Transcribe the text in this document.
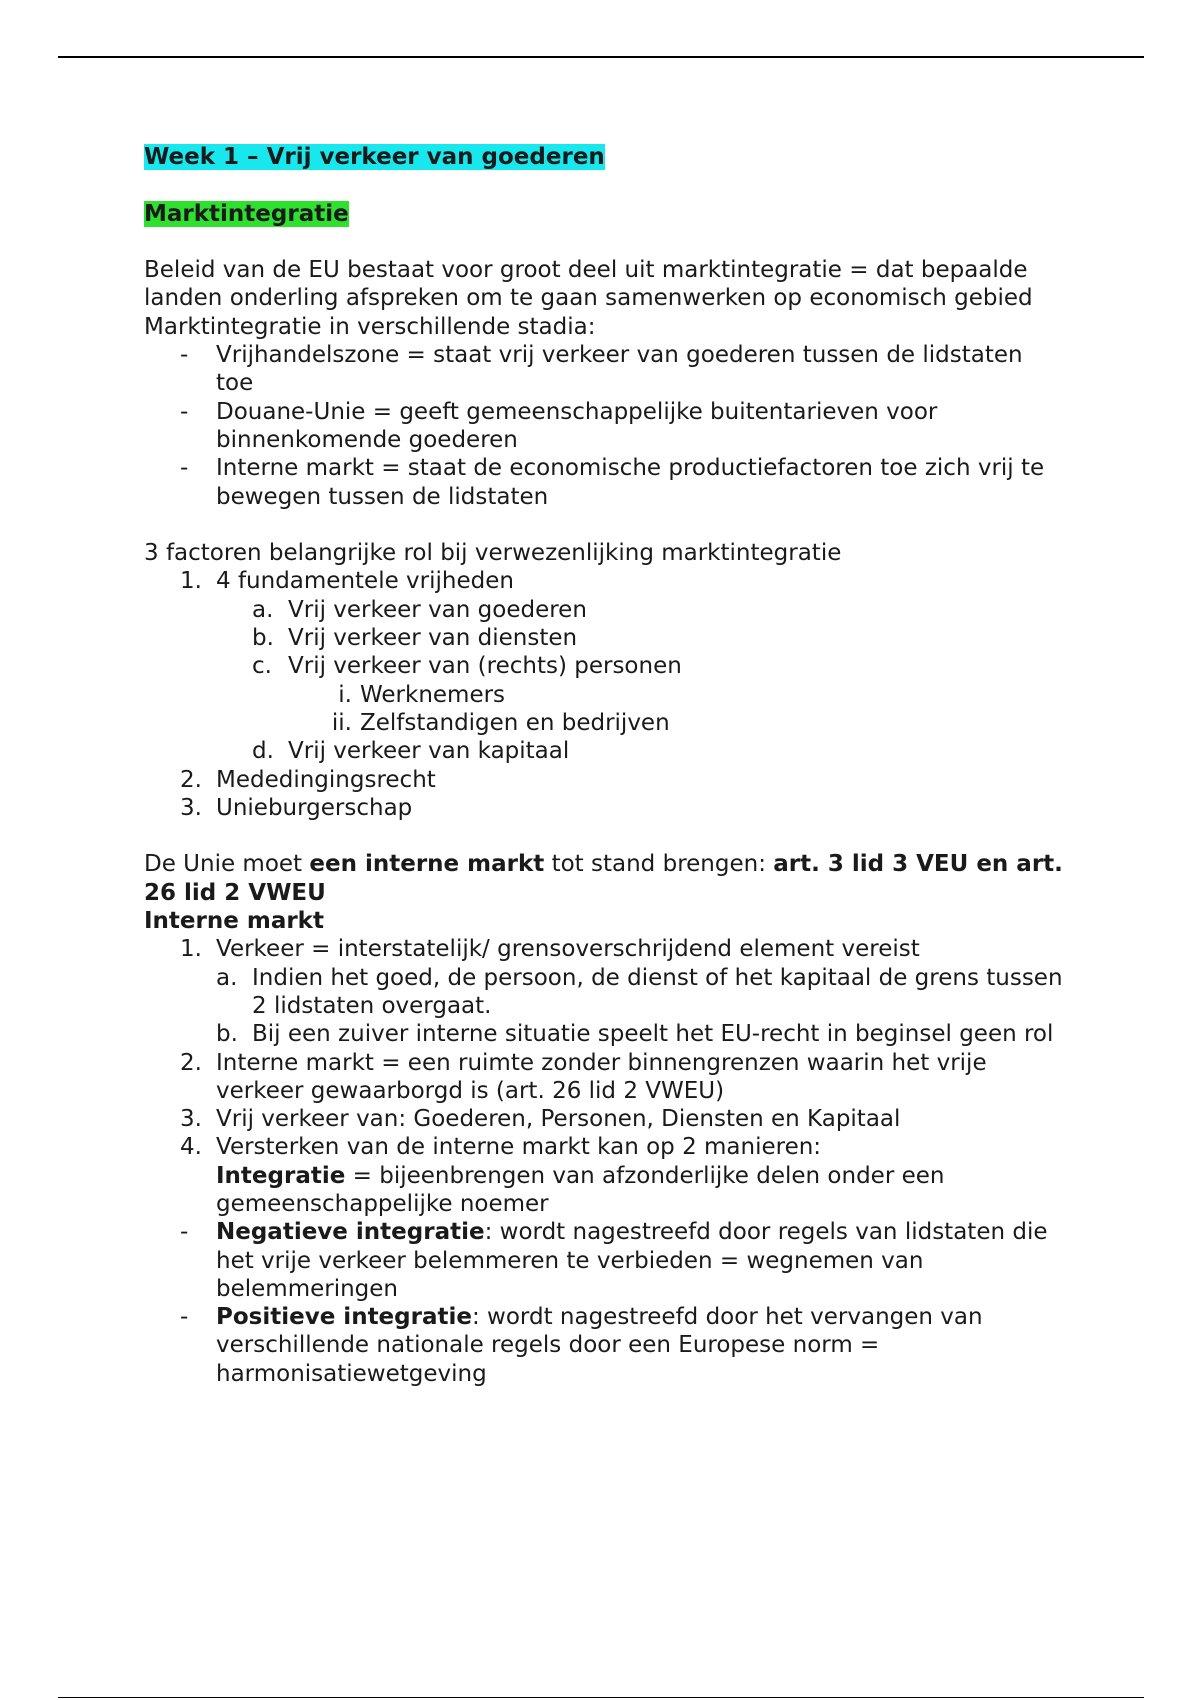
Week 1 – Vrij verkeer van goederen

Marktintegratie

Beleid van de EU bestaat voor groot deel uit marktintegratie = dat bepaalde landen onderling afspreken om te gaan samenwerken op economisch gebied

Marktintegratie in verschillende stadia:

- Vrijhandelszone = staat vrij verkeer van goederen tussen de lidstaten toe
- Douane-Unie = geeft gemeenschappelijke buitentarieven voor binnenkomende goederen
- Interne markt = staat de economische productiefactoren toe zich vrij te bewegen tussen de lidstaten

3 factoren belangrijke rol bij verwezenlijking marktintegratie

1. 4 fundamentele vrijheden
a. Vrij verkeer van goederen
b. Vrij verkeer van diensten
c. Vrij verkeer van (rechts) personen
i. Werknemers
ii. Zelfstandigen en bedrijven
d. Vrij verkeer van kapitaal
2. Mededingingsrecht
3. Unieburgerschap

De Unie moet een interne markt tot stand brengen: art. 3 lid 3 VEU en art. 26 lid 2 VWEU

Interne markt

1. Verkeer = interstatelijk/ grensoverschrijdend element vereist
a. Indien het goed, de persoon, de dienst of het kapitaal de grens tussen 2 lidstaten overgaat.
b. Bij een zuiver interne situatie speelt het EU-recht in beginsel geen rol
2. Interne markt = een ruimte zonder binnengrenzen waarin het vrije verkeer gewaarborgd is (art. 26 lid 2 VWEU)
3. Vrij verkeer van: Goederen, Personen, Diensten en Kapitaal
4. Versterken van de interne markt kan op 2 manieren:
Integratie = bijeenbrengen van afzonderlijke delen onder een gemeenschappelijke noemer
- Negatieve integratie: wordt nagestreefd door regels van lidstaten die het vrije verkeer belemmeren te verbieden = wegnemen van belemmeringen
- Positieve integratie: wordt nagestreefd door het vervangen van verschillende nationale regels door een Europese norm = harmonisatiewetgeving
